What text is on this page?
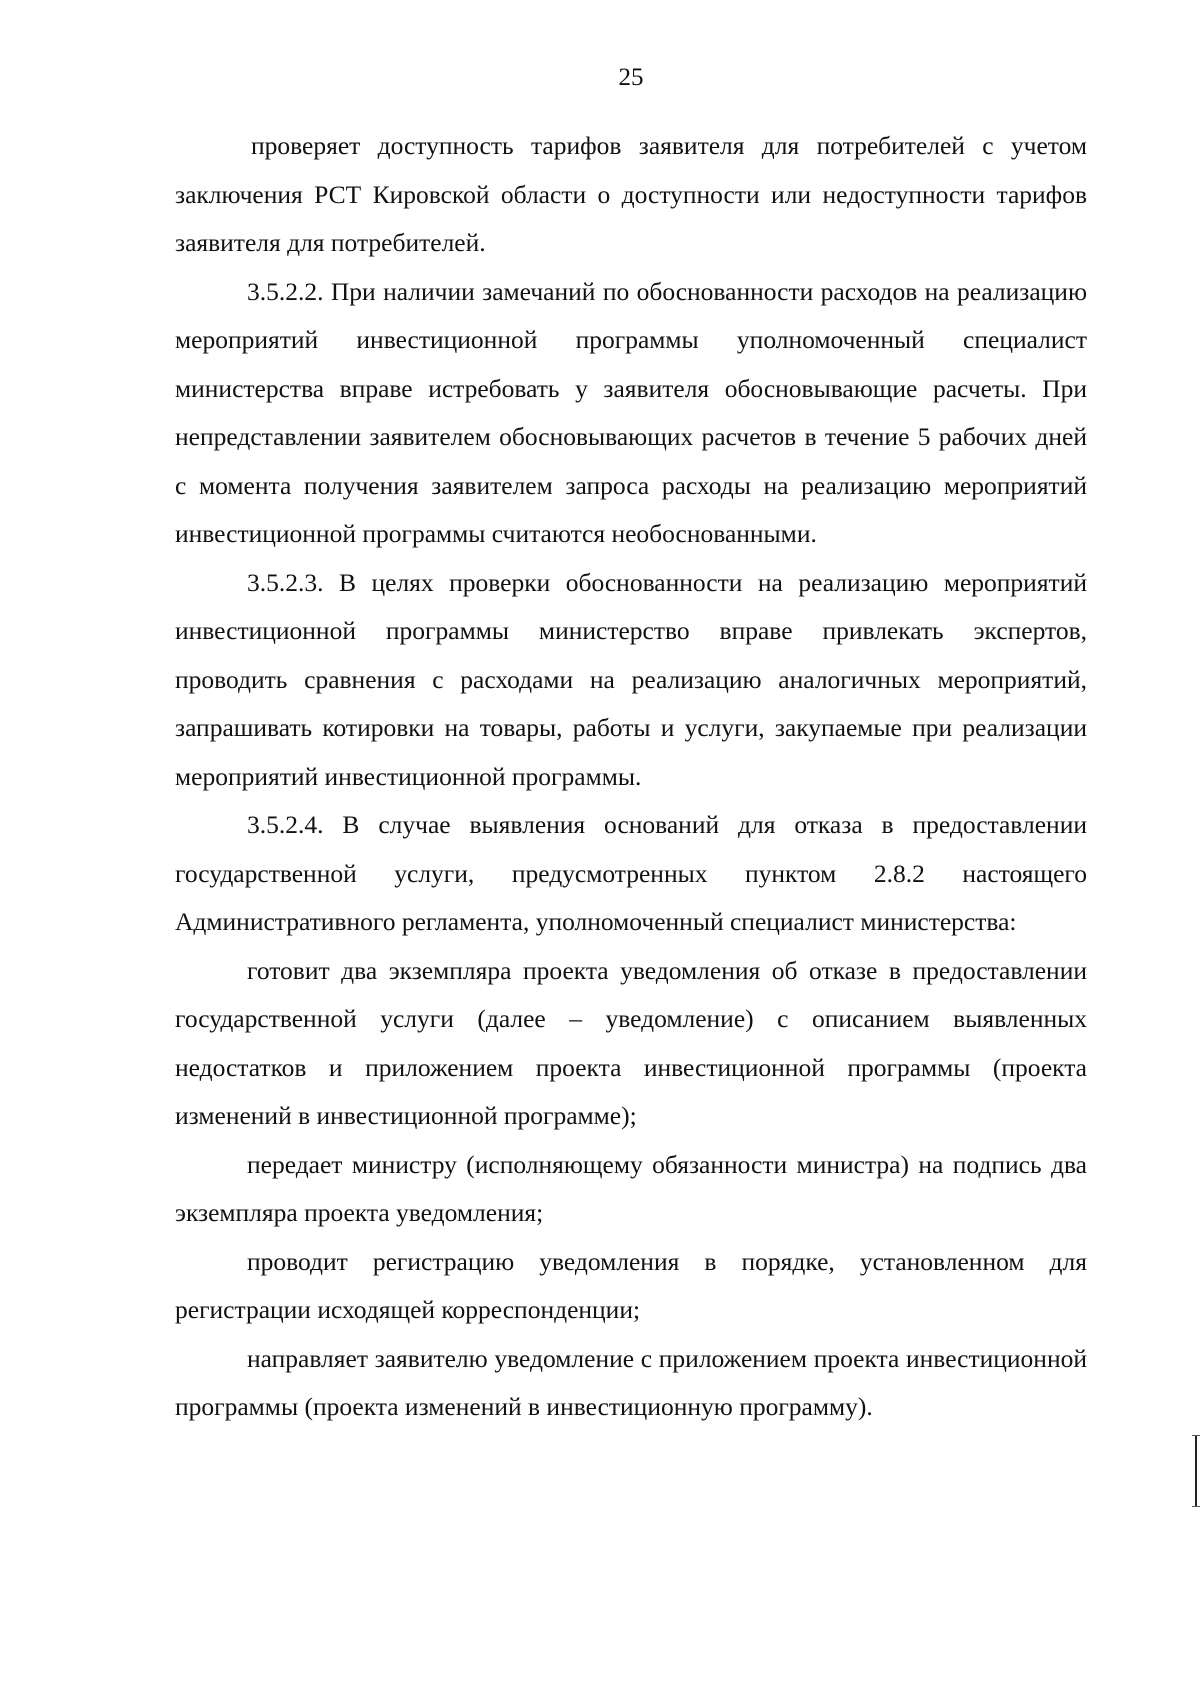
25

проверяет доступность тарифов заявителя для потребителей с учетом заключения РСТ Кировской области о доступности или недоступности тарифов заявителя для потребителей.

3.5.2.2. При наличии замечаний по обоснованности расходов на реализацию мероприятий инвестиционной программы уполномоченный специалист министерства вправе истребовать у заявителя обосновывающие расчеты. При непредставлении заявителем обосновывающих расчетов в течение 5 рабочих дней с момента получения заявителем запроса расходы на реализацию мероприятий инвестиционной программы считаются необоснованными.

3.5.2.3. В целях проверки обоснованности на реализацию мероприятий инвестиционной программы министерство вправе привлекать экспертов, проводить сравнения с расходами на реализацию аналогичных мероприятий, запрашивать котировки на товары, работы и услуги, закупаемые при реализации мероприятий инвестиционной программы.

3.5.2.4. В случае выявления оснований для отказа в предоставлении государственной услуги, предусмотренных пунктом 2.8.2 настоящего Административного регламента, уполномоченный специалист министерства:

готовит два экземпляра проекта уведомления об отказе в предоставлении государственной услуги (далее – уведомление) с описанием выявленных недостатков и приложением проекта инвестиционной программы (проекта изменений в инвестиционной программе);

передает министру (исполняющему обязанности министра) на подпись два экземпляра проекта уведомления;

проводит регистрацию уведомления в порядке, установленном для регистрации исходящей корреспонденции;

направляет заявителю уведомление с приложением проекта инвестиционной программы (проекта изменений в инвестиционную программу).
